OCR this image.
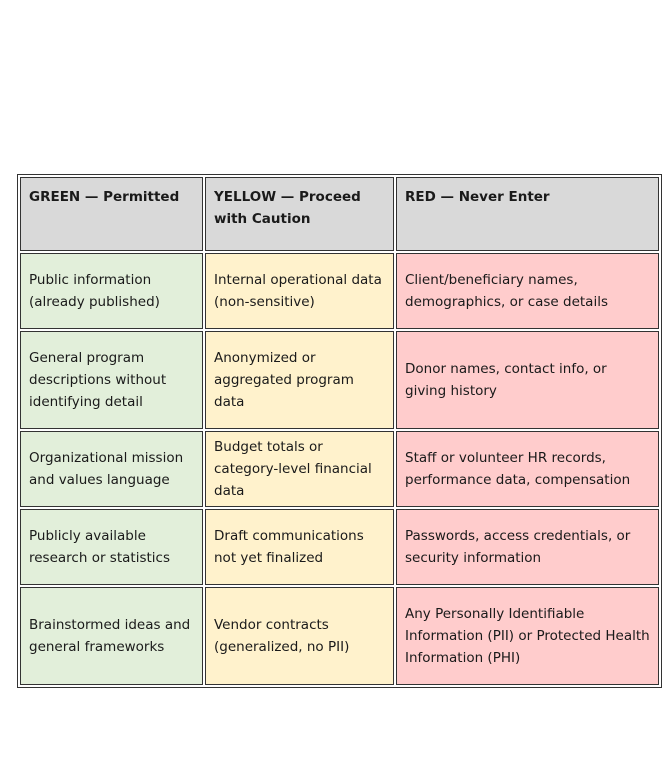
GREEN — Permitted	YELLOW — Proceed with Caution	RED — Never Enter
Public information (already published)	Internal operational data (non-sensitive)	Client/beneficiary names, demographics, or case details
General program descriptions without identifying detail	Anonymized or aggregated program data	Donor names, contact info, or giving history
Organizational mission and values language	Budget totals or category-level financial data	Staff or volunteer HR records, performance data, compensation
Publicly available research or statistics	Draft communications not yet finalized	Passwords, access credentials, or security information
Brainstormed ideas and general frameworks	Vendor contracts (generalized, no PII)	Any Personally Identifiable Information (PII) or Protected Health Information (PHI)
